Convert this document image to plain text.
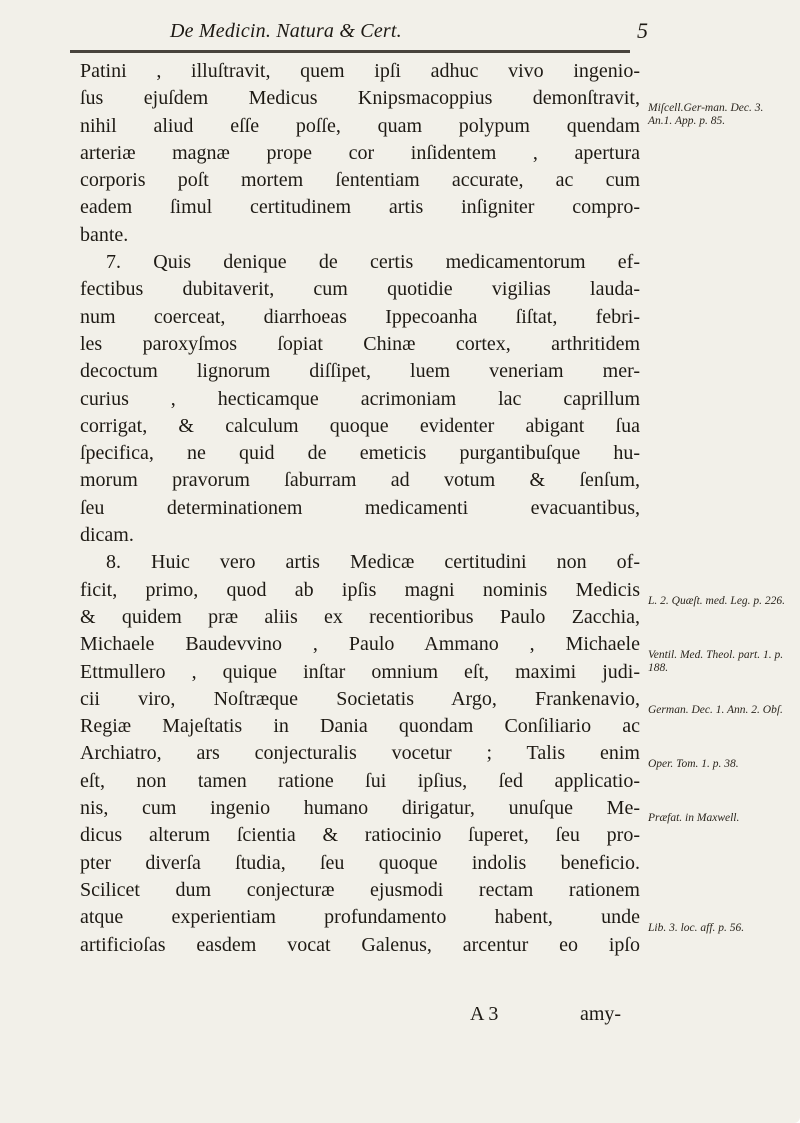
De Medicin. Natura & Cert.	5
Patini , illuſtravit, quem ipſi adhuc vivo ingenio-
ſus ejuſdem Medicus Knipsmacoppius demonſtravit,
nihil aliud eſſe poſſe, quam polypum quendam
arteriæ magnæ prope cor inſidentem , apertura
corporis poſt mortem ſententiam accurate, ac cum
eadem ſimul certitudinem artis inſigniter compro-
bante.
7. Quis denique de certis medicamentorum ef-
fectibus dubitaverit, cum quotidie vigilias lauda-
num coerceat, diarrhoeas Ippecoanha ſiſtat, febri-
les paroxyſmos ſopiat Chinæ cortex, arthritidem
decoctum lignorum diſſipet, luem veneriam mer-
curius , hecticamque acrimoniam lac caprillum
corrigat, & calculum quoque evidenter abigant ſua
ſpecifica, ne quid de emeticis purgantibuſque hu-
morum pravorum ſaburram ad votum & ſenſum,
ſeu determinationem medicamenti evacuantibus,
dicam.
8. Huic vero artis Medicæ certitudini non of-
ficit, primo, quod ab ipſis magni nominis Medicis
& quidem præ aliis ex recentioribus Paulo Zacchia,
Michaele Baudevvino , Paulo Ammano , Michaele
Ettmullero , quique inſtar omnium eſt, maximi judi-
cii viro, Noſtræque Societatis Argo, Frankenavio,
Regiæ Majeſtatis in Dania quondam Conſiliario ac
Archiatro, ars conjecturalis vocetur ; Talis enim
eſt, non tamen ratione ſui ipſius, ſed applicatio-
nis, cum ingenio humano dirigatur, unuſque Me-
dicus alterum ſcientia & ratiocinio ſuperet, ſeu pro-
pter diverſa ſtudia, ſeu quoque indolis beneficio.
Scilicet dum conjecturæ ejusmodi rectam rationem
atque experientiam profundamento habent, unde
artificioſas easdem vocat Galenus, arcentur eo ipſo
Miſcell.Ger-man. Dec. 3. An.1. App. p. 85.
L. 2. Quæſt. med. Leg. p. 226.
Ventil. Med. Theol. part. 1. p. 188.
German. Dec. 1. Ann. 2. Obſ.
Oper. Tom. 1. p. 38.
Præfat. in Maxwell.
Lib. 3. loc. aff. p. 56.
A 3	amy-
